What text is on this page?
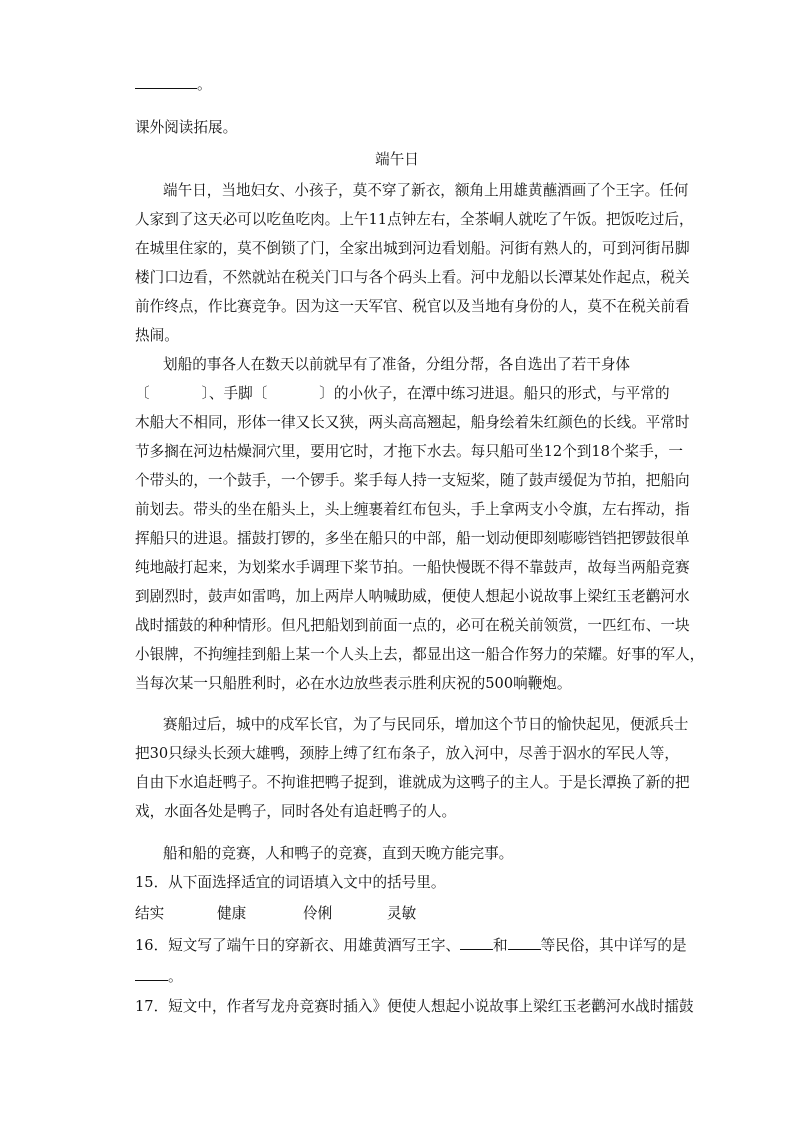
。
课外阅读拓展。
端午日
端午日，当地妇女、小孩子，莫不穿了新衣，额角上用雄黄蘸酒画了个王字。任何
人家到了这天必可以吃鱼吃肉。上午11点钟左右，全茶峒人就吃了午饭。把饭吃过后，
在城里住家的，莫不倒锁了门，全家出城到河边看划船。河街有熟人的，可到河街吊脚
楼门口边看，不然就站在税关门口与各个码头上看。河中龙船以长潭某处作起点，税关
前作终点，作比赛竞争。因为这一天军官、税官以及当地有身份的人，莫不在税关前看
热闹。
划船的事各人在数天以前就早有了准备，分组分帮，各自选出了若干身体
〔	〕、手脚〔	〕的小伙子，在潭中练习进退。船只的形式，与平常的
木船大不相同，形体一律又长又狭，两头高高翘起，船身绘着朱红颜色的长线。平常时
节多搁在河边枯燥洞穴里，要用它时，才拖下水去。每只船可坐12个到18个桨手，一
个带头的，一个鼓手，一个锣手。桨手每人持一支短桨，随了鼓声缓促为节拍，把船向
前划去。带头的坐在船头上，头上缠裹着红布包头，手上拿两支小令旗，左右挥动，指
挥船只的进退。擂鼓打锣的，多坐在船只的中部，船一划动便即刻嘭嘭铛铛把锣鼓很单
纯地敲打起来，为划桨水手调理下桨节拍。一船快慢既不得不靠鼓声，故每当两船竞赛
到剧烈时，鼓声如雷鸣，加上两岸人呐喊助威，便使人想起小说故事上梁红玉老鹳河水
战时擂鼓的种种情形。但凡把船划到前面一点的，必可在税关前领赏，一匹红布、一块
小银牌，不拘缠挂到船上某一个人头上去，都显出这一船合作努力的荣耀。好事的军人，
当每次某一只船胜利时，必在水边放些表示胜利庆祝的500响鞭炮。
赛船过后，城中的戍军长官，为了与民同乐，增加这个节日的愉快起见，便派兵士
把30只绿头长颈大雄鸭，颈脖上缚了红布条子，放入河中，尽善于泅水的军民人等，
自由下水追赶鸭子。不拘谁把鸭子捉到，谁就成为这鸭子的主人。于是长潭换了新的把
戏，水面各处是鸭子，同时各处有追赶鸭子的人。
船和船的竞赛，人和鸭子的竞赛，直到天晚方能完事。
15．从下面选择适宜的词语填入文中的括号里。
结实	健康	伶俐	灵敏
16．短文写了端午日的穿新衣、用雄黄酒写王字、 和 等民俗，其中详写的是
。
17．短文中，作者写龙舟竞赛时插入》便使人想起小说故事上梁红玉老鹳河水战时擂鼓
